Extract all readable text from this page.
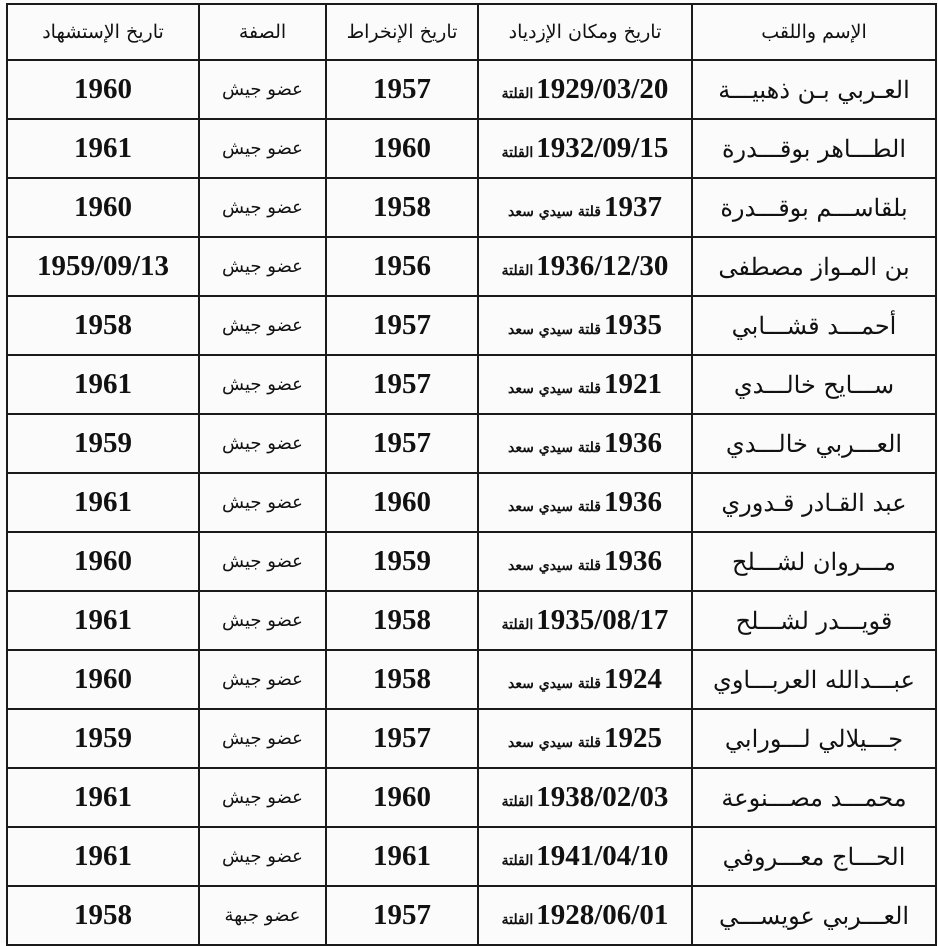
الإسم واللقب	تاريخ ومكان الإزدياد	تاريخ الإنخراط	الصفة	تاريخ الإستشهاد
العـربي بـن ذهبيـــة	1929/03/20القلتة	1957	عضو جيش	1960
الطـــاهر بوقـــدرة	1932/09/15القلتة	1960	عضو جيش	1961
بلقاســـم بوقـــدرة	1937قلتة سيدي سعد	1958	عضو جيش	1960
بن المـواز مصطفى	1936/12/30القلتة	1956	عضو جيش	1959/09/13
أحمـــد قشـــابي	1935قلتة سيدي سعد	1957	عضو جيش	1958
ســـايح خالـــدي	1921قلتة سيدي سعد	1957	عضو جيش	1961
العـــربي خالـــدي	1936قلتة سيدي سعد	1957	عضو جيش	1959
عبد القـادر قـدوري	1936قلتة سيدي سعد	1960	عضو جيش	1961
مـــروان لشـــلح	1936قلتة سيدي سعد	1959	عضو جيش	1960
قويـــدر لشـــلح	1935/08/17القلتة	1958	عضو جيش	1961
عبـــدالله العربـــاوي	1924قلتة سيدي سعد	1958	عضو جيش	1960
جـــيلالي لـــورابي	1925قلتة سيدي سعد	1957	عضو جيش	1959
محمـــد مصـــنوعة	1938/02/03القلتة	1960	عضو جيش	1961
الحـــاج معـــروفي	1941/04/10القلتة	1961	عضو جيش	1961
العـــربي عويســـي	1928/06/01القلتة	1957	عضو جبهة	1958
